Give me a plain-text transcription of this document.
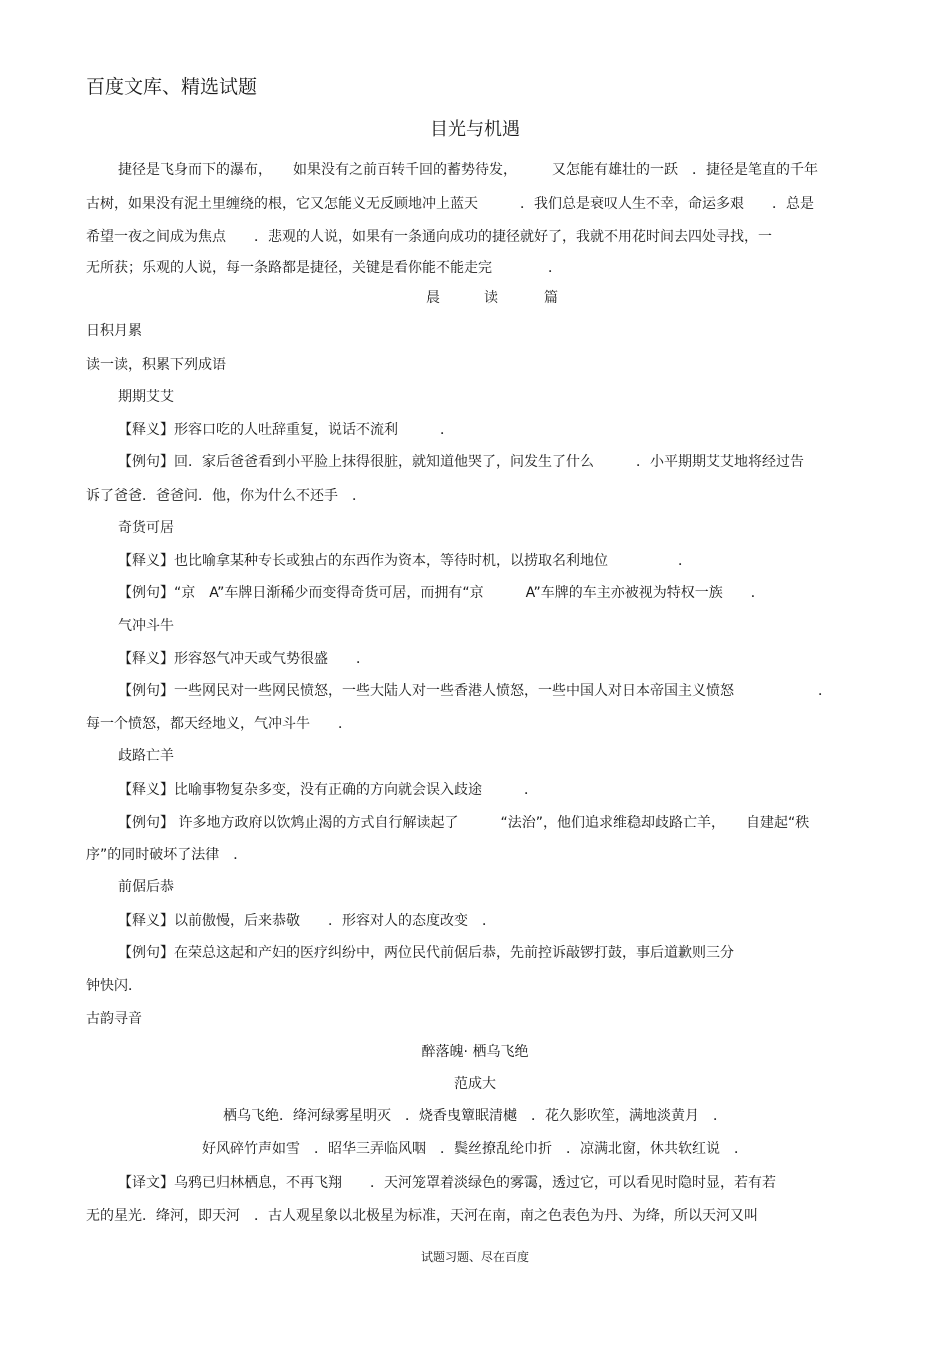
百度文库、精选试题
目光与机遇
捷径是飞身而下的瀑布，　　如果没有之前百转千回的蓄势待发，　　　又怎能有雄壮的一跃　．捷径是笔直的千年
古树，如果没有泥土里缠绕的根，它又怎能义无反顾地冲上蓝天　　　．我们总是衰叹人生不幸，命运多艰　　．总是
希望一夜之间成为焦点　　．悲观的人说，如果有一条通向成功的捷径就好了，我就不用花时间去四处寻找，一
无所获；乐观的人说，每一条路都是捷径，关键是看你能不能走完　　　　．
晨	读	篇
日积月累
读一读，积累下列成语
期期艾艾
【释义】形容口吃的人吐辞重复，说话不流利　　　．
【例句】回．家后爸爸看到小平脸上抹得很脏，就知道他哭了，问发生了什么　　　．小平期期艾艾地将经过告
诉了爸爸．爸爸问．他，你为什么不还手　．
奇货可居
【释义】也比喻拿某种专长或独占的东西作为资本，等待时机，以捞取名利地位　　　　　．
【例句】“京　A”车牌日渐稀少而变得奇货可居，而拥有“京　　　A”车牌的车主亦被视为特权一族　　．
气冲斗牛
【释义】形容怒气冲天或气势很盛　　．
【例句】一些网民对一些网民愤怒，一些大陆人对一些香港人愤怒，一些中国人对日本帝国主义愤怒　　　　　　．
每一个愤怒，都天经地义，气冲斗牛　　．
歧路亡羊
【释义】比喻事物复杂多变，没有正确的方向就会误入歧途　　　．
【例句】 许多地方政府以饮鸩止渴的方式自行解读起了　　　“法治”，他们追求维稳却歧路亡羊，　　自建起“秩
序”的同时破坏了法律　．
前倨后恭
【释义】以前傲慢，后来恭敬　　．形容对人的态度改变　．
【例句】在荣总这起和产妇的医疗纠纷中，两位民代前倨后恭，先前控诉敲锣打鼓，事后道歉则三分
钟快闪．
古韵寻音
醉落魄· 栖乌飞绝
范成大
栖乌飞绝．绛河绿雾星明灭　．烧香曳簟眠清樾　．花久影吹笙，满地淡黄月　．
好风碎竹声如雪　．昭华三弄临风咽　．鬓丝撩乱纶巾折　．凉满北窗，休共软红说　．
【译文】乌鸦已归林栖息，不再飞翔　　．天河笼罩着淡绿色的雾霭，透过它，可以看见时隐时显，若有若
无的星光．绛河，即天河　．古人观星象以北极星为标准，天河在南，南之色表色为丹、为绛，所以天河又叫
试题习题、尽在百度
